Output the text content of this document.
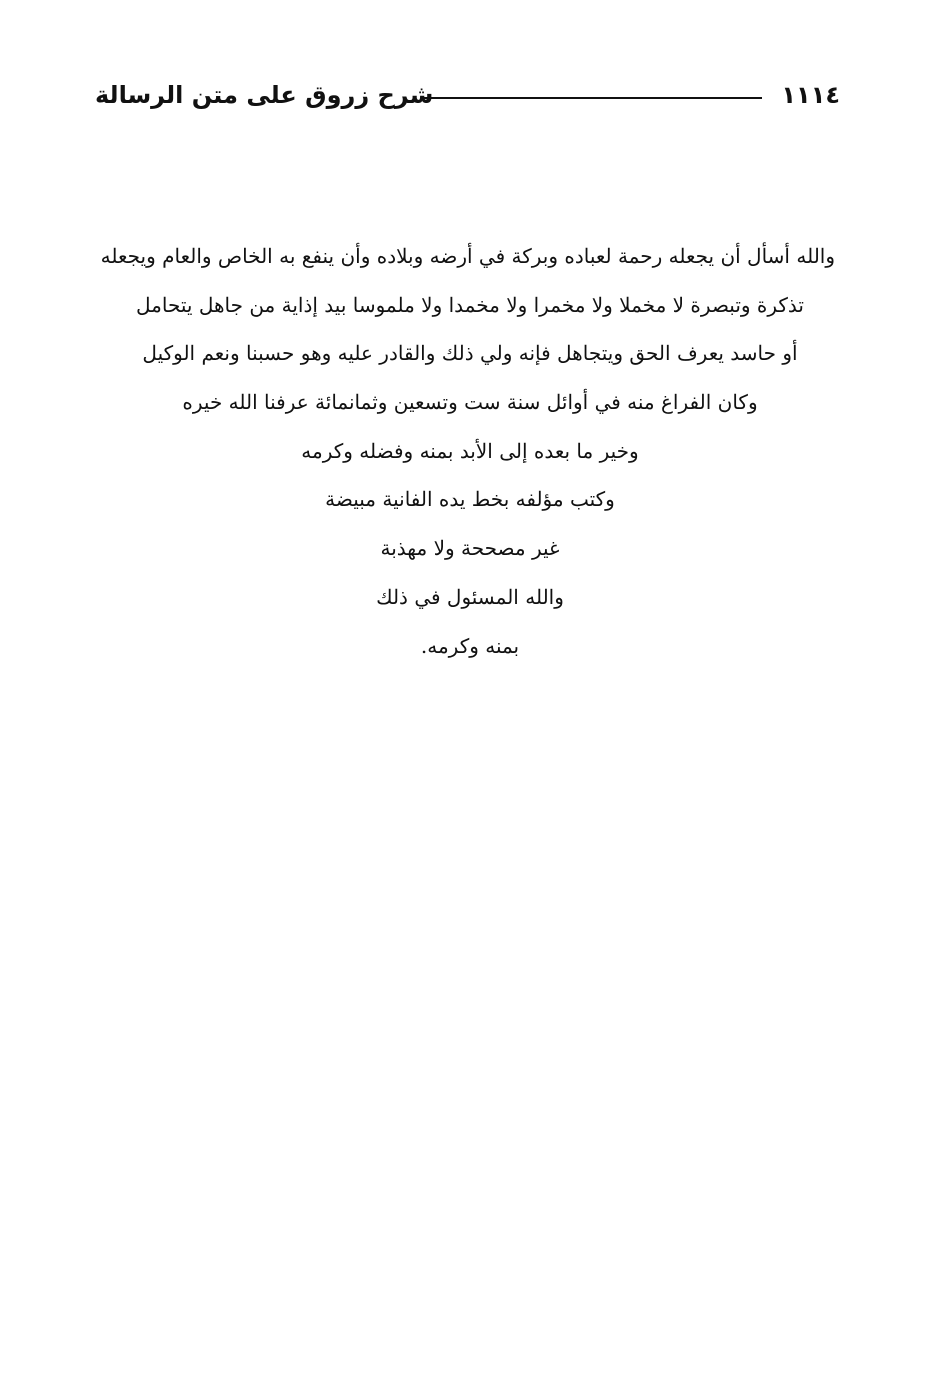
١١١٤
شرح زروق على متن الرسالة
والله أسأل أن يجعله رحمة لعباده وبركة في أرضه وبلاده وأن ينفع به الخاص والعام ويجعله
تذكرة وتبصرة لا مخملا ولا مخمرا ولا مخمدا ولا ملموسا بيد إذاية من جاهل يتحامل
أو حاسد يعرف الحق ويتجاهل فإنه ولي ذلك والقادر عليه وهو حسبنا ونعم الوكيل
وكان الفراغ منه في أوائل سنة ست وتسعين وثمانمائة عرفنا الله خيره
وخير ما بعده إلى الأبد بمنه وفضله وكرمه
وكتب مؤلفه بخط يده الفانية مبيضة
غير مصححة ولا مهذبة
والله المسئول في ذلك
بمنه وكرمه.
